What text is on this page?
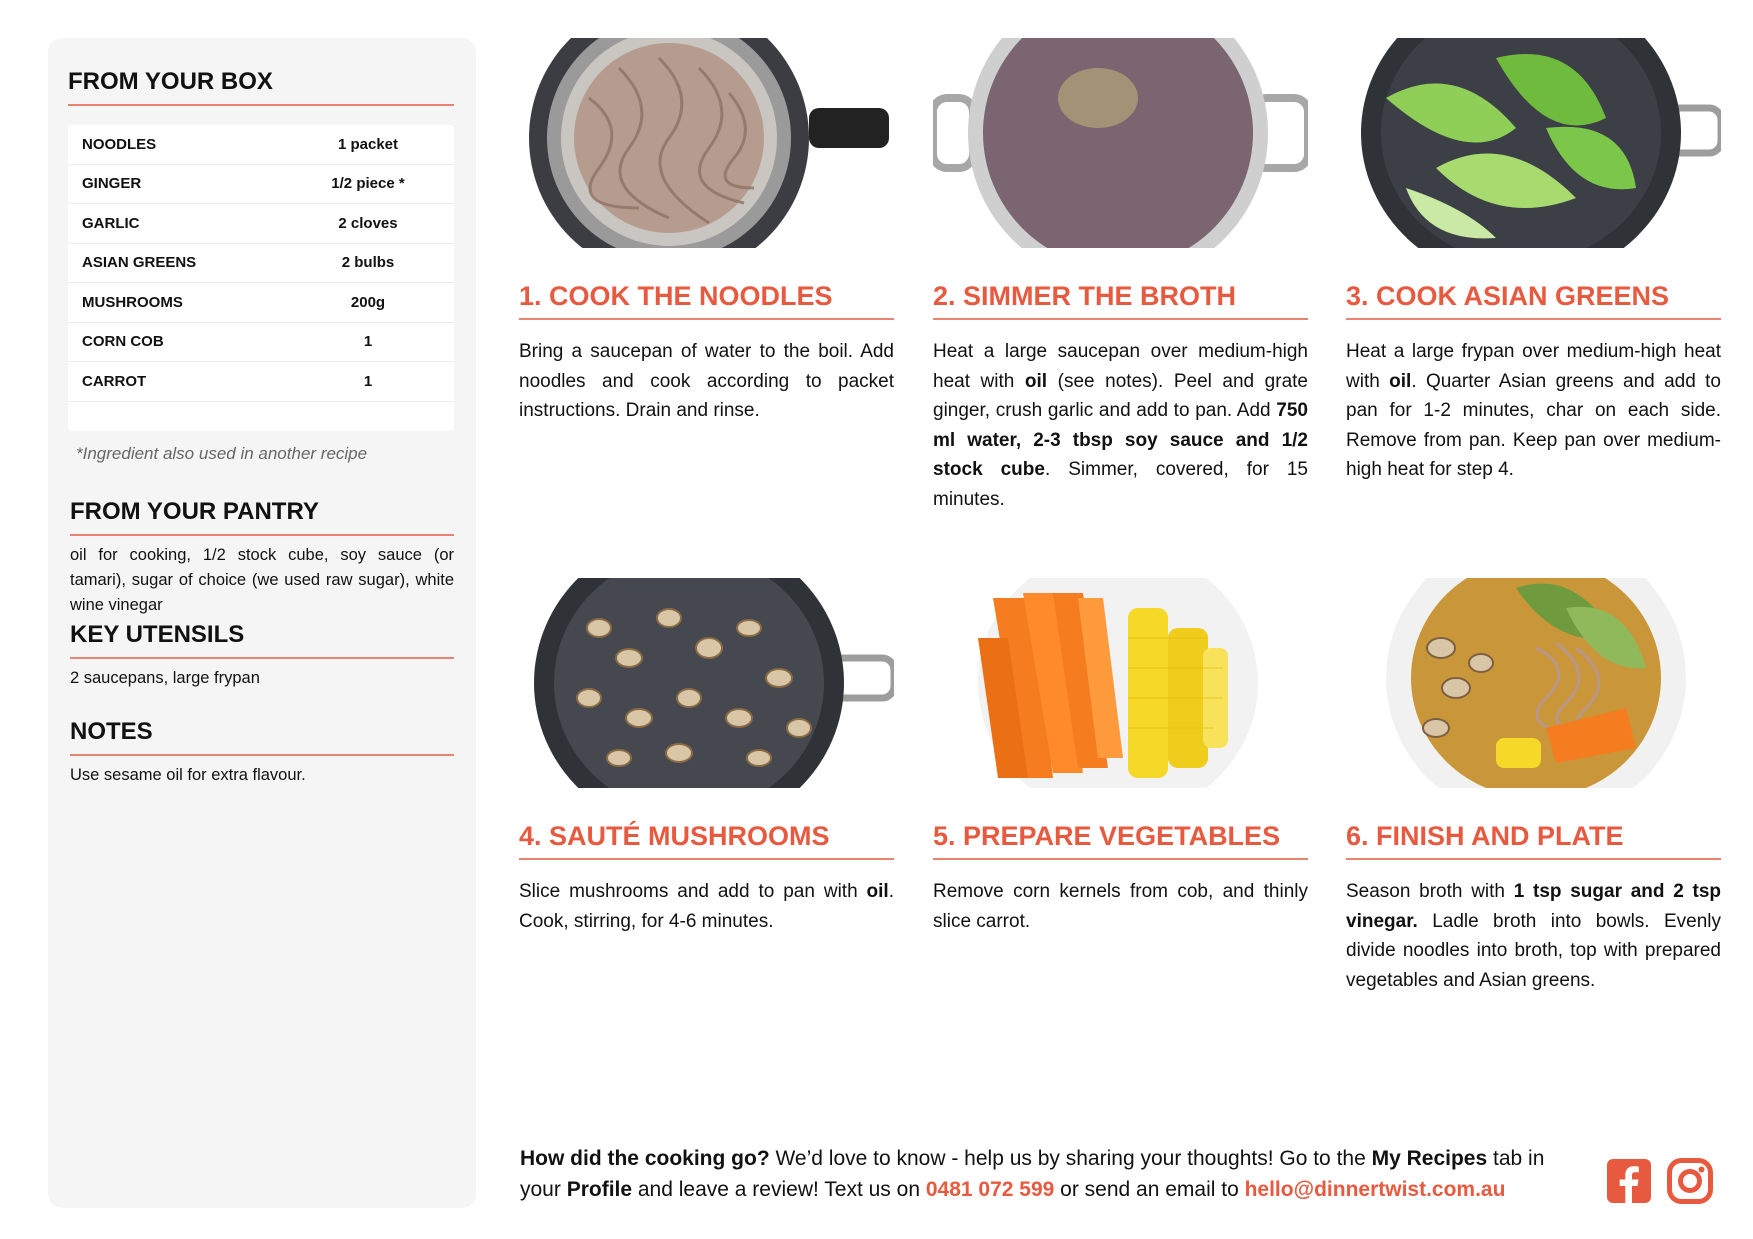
FROM YOUR BOX
NOODLES	1 packet
GINGER	1/2 piece *
GARLIC	2 cloves
ASIAN GREENS	2 bulbs
MUSHROOMS	200g
CORN COB	1
CARROT	1
*Ingredient also used in another recipe
FROM YOUR PANTRY
oil for cooking, 1/2 stock cube, soy sauce (or tamari), sugar of choice (we used raw sugar), white wine vinegar
KEY UTENSILS
2 saucepans, large frypan
NOTES
Use sesame oil for extra flavour.
1. COOK THE NOODLES
Bring a saucepan of water to the boil. Add noodles and cook according to packet instructions. Drain and rinse.
2. SIMMER THE BROTH
Heat a large saucepan over medium-high heat with oil (see notes). Peel and grate ginger, crush garlic and add to pan. Add 750 ml water, 2-3 tbsp soy sauce and 1/2 stock cube. Simmer, covered, for 15 minutes.
3. COOK ASIAN GREENS
Heat a large frypan over medium-high heat with oil. Quarter Asian greens and add to pan for 1-2 minutes, char on each side. Remove from pan. Keep pan over medium-high heat for step 4.
4. SAUTÉ MUSHROOMS
Slice mushrooms and add to pan with oil. Cook, stirring, for 4-6 minutes.
5. PREPARE VEGETABLES
Remove corn kernels from cob, and thinly slice carrot.
6. FINISH AND PLATE
Season broth with 1 tsp sugar and 2 tsp vinegar. Ladle broth into bowls. Evenly divide noodles into broth, top with prepared vegetables and Asian greens.
How did the cooking go? We’d love to know - help us by sharing your thoughts! Go to the My Recipes tab in your Profile and leave a review! Text us on 0481 072 599 or send an email to hello@dinnertwist.com.au
